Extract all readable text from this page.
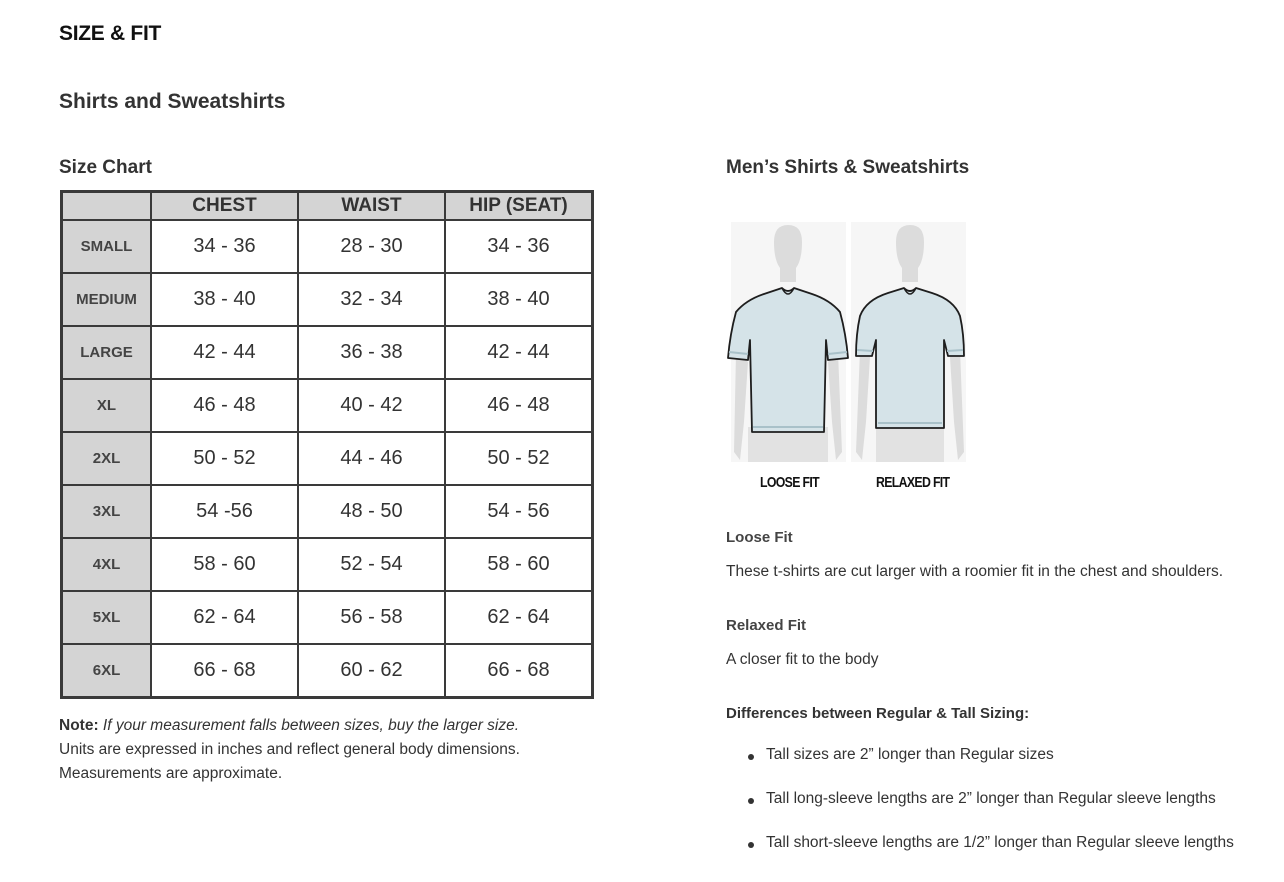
SIZE & FIT
Shirts and Sweatshirts
Size Chart
	CHEST	WAIST	HIP (SEAT)
SMALL	34 - 36	28 - 30	34 - 36
MEDIUM	38 - 40	32 - 34	38 - 40
LARGE	42 - 44	36 - 38	42 - 44
XL	46 - 48	40 - 42	46 - 48
2XL	50 - 52	44 - 46	50 - 52
3XL	54 -56	48 - 50	54 - 56
4XL	58 - 60	52 - 54	58 - 60
5XL	62 - 64	56 - 58	62 - 64
6XL	66 - 68	60 - 62	66 - 68
Note: If your measurement falls between sizes, buy the larger size.
Units are expressed in inches and reflect general body dimensions.
Measurements are approximate.
Men’s Shirts & Sweatshirts
LOOSE FIT	RELAXED FIT
Loose Fit

These t-shirts are cut larger with a roomier fit in the chest and shoulders.

Relaxed Fit

A closer fit to the body

Differences between Regular & Tall Sizing:
Tall sizes are 2” longer than Regular sizes
Tall long-sleeve lengths are 2” longer than Regular sleeve lengths
Tall short-sleeve lengths are 1/2” longer than Regular sleeve lengths
